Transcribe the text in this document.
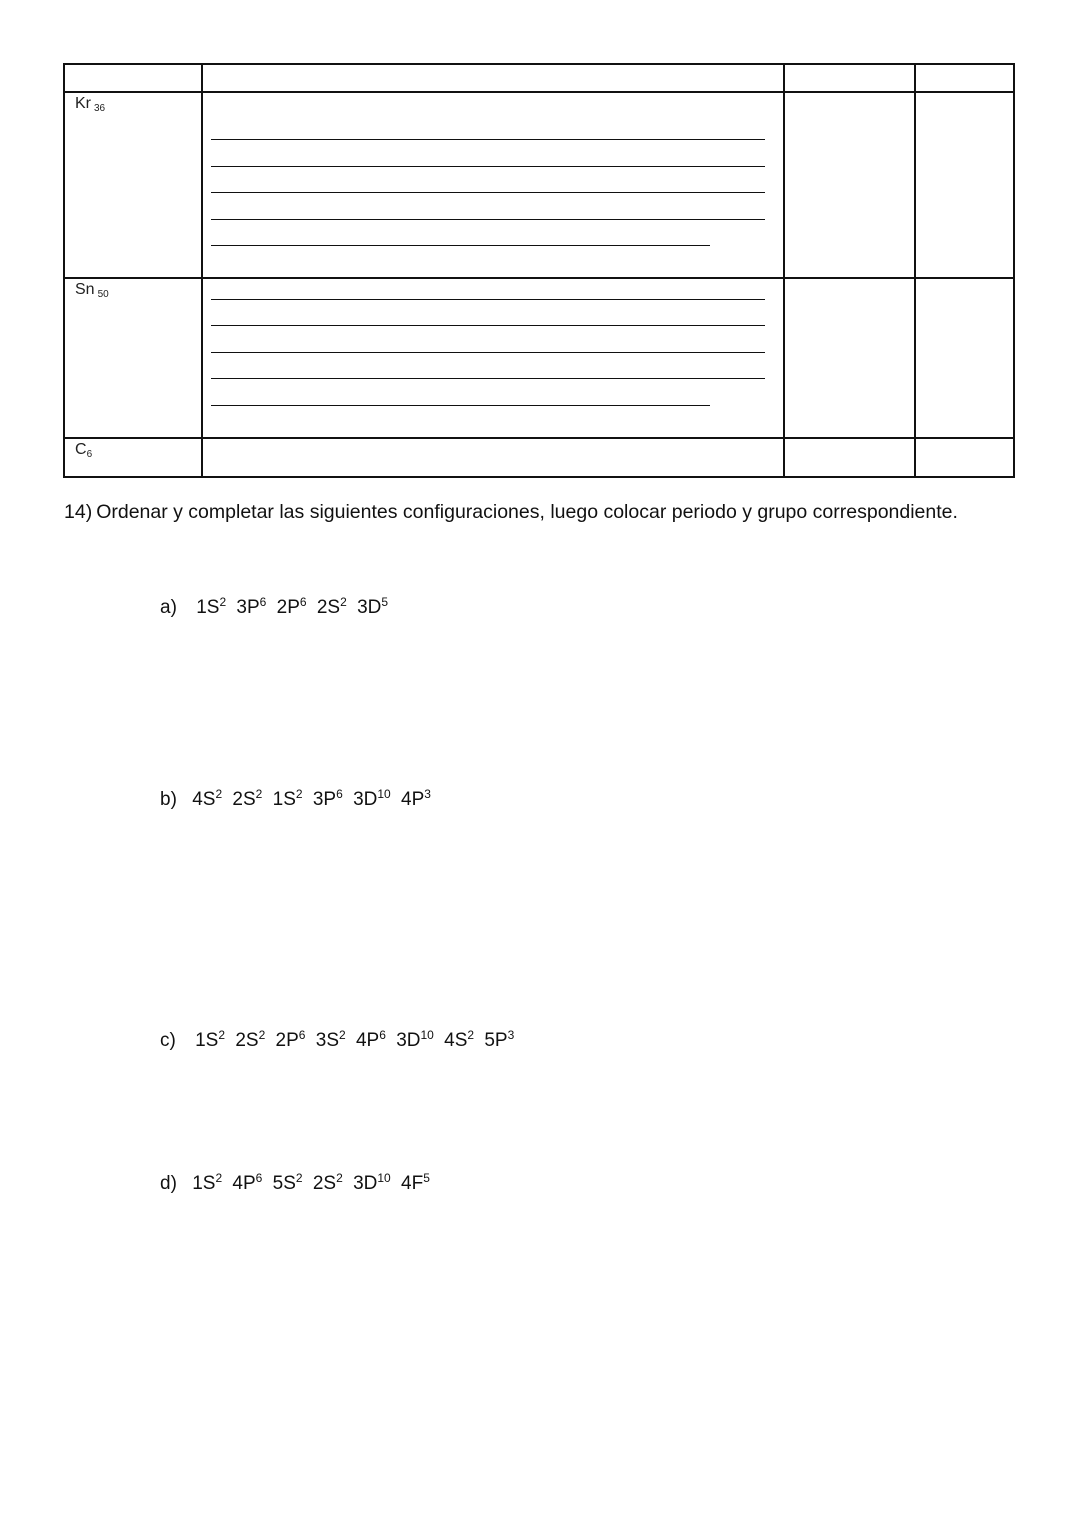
Kr $_{36}$
Sn $_{50}$
$C_6$
14) Ordenar y completar las siguientes configuraciones, luego colocar periodo y grupo correspondiente.
a) $1S^2$ $3P^6$ $2P^6$ $2S^2$ $3D^5$
b) $4S^2$ $2S^2$ $1S^2$ $3P^6$ $3D^{10}$ $4P^3$
c) $1S^2$ $2S^2$ $2P^6$ $3S^2$ $4P^6$ $3D^{10}$ $4S^2$ $5P^3$
d) $1S^2$ $4P^6$ $5S^2$ $2S^2$ $3D^{10}$ $4F^5$
